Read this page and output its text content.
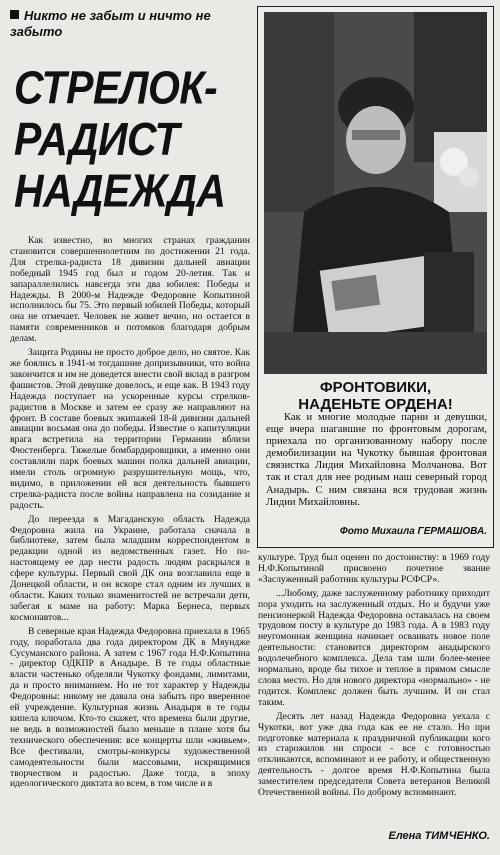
Никто не забыт и ничто не забыто
СТРЕЛОК-
РАДИСТ
НАДЕЖДА

Как известно, во многих странах гражданин становится совершеннолетним по достижении 21 года. Для стрелка-радиста 18 дивизии дальней авиации победный 1945 год был и годом 20-летия. Так и запараллелились навсегда эти два юбилея: Победы и Надежды. В 2000-м Надежде Федоровне Копытиной исполнилось бы 75. Это первый юбилей Победы, который она не отмечает. Человек не живет вечно, но остается в памяти современников и потомков благодаря добрым делам.

Защита Родины не просто доброе дело, но святое. Как же боялись в 1941-м тогдашние допризывники, что война закончится и им не доведется внести свой вклад в разгром фашистов. Этой девушке довелось, и еще как. В 1943 году Надежда поступает на ускоренные курсы стрелков-радистов в Москве и затем ее сразу же направляют на фронт. В составе боевых экипажей 18-й дивизии дальней авиации восьмая она до победы. Известие о капитуляции врага встретила на территории Германии вблизи Фюстенберга. Тяжелые бомбардировщики, а именно они составляли парк боевых машин полка дальней авиации, имели столь огромную разрушительную мощь, что, видимо, в приложении ей вся деятельность бывшего стрелка-радиста после войны направлена на созидание и радость.

До переезда в Магаданскую область Надежда Федоровна жила на Украине, работала сначала в библиотеке, затем была младшим корреспондентом в редакции одной из ведомственных газет. Но по-настоящему ее дар нести радость людям раскрылся в сфере культуры. Первый свой ДК она возглавила еще в Донецкой области, и он вскоре стал одним из лучших в области. Каких только знаменитостей не встречали дети, забегая к маме на работу: Марка Бернеса, первых космонавтов...

В северные края Надежда Федоровна приехала в 1965 году, поработала два года директором ДК в Мяундже Сусуманского района. А затем с 1967 года Н.Ф.Копытина - директор ОДКПР в Анадыре. В те годы областные власти частенько обделяли Чукотку фондами, лимитами, да и просто вниманием. Но не тот характер у Надежды Федоровны: никому не давала она забыть про вверенное ей учреждение. Культурная жизнь Анадыря в те годы кипела ключом. Кто-то скажет, что времена были другие, не ведь в возможностей было меньше в плане хотя бы технического обеспечения: все концерты шли «живьем». Все фестивали, смотры-конкурсы художественной самодеятельности были массовыми, искрящимися творчеством и радостью. Даже тогда, в эпоху идеологического диктата во всем, в том числе и в

ФРОНТОВИКИ,
НАДЕНЬТЕ ОРДЕНА!
Как и многие молодые парни и девушки, еще вчера шагавшие по фронтовым дорогам, приехала по организованному набору после демобилизации на Чукотку бывшая фронтовая связистка Лидия Михайловна Молчанова. Вот так и стал для нее родным наш северный город Анадырь. С ним связана вся трудовая жизнь Лидии Михайловны.
Фото Михаила ГЕРМАШОВА.

культуре. Труд был оценен по достоинству: в 1969 году Н.Ф.Копытиной присвоено почетное звание «Заслуженный работник культуры РСФСР».

...Любому, даже заслуженному работнику приходит пора уходить на заслуженный отдых. Но и будучи уже пенсионеркой Надежда Федоровна оставалась на своем трудовом посту в культуре до 1983 года. А в 1983 году неугомонная женщина начинает осваивать новое поле деятельности: становится директором анадырского водолечебного комплекса. Дела там шли более-менее нормально, вроде бы тихое и теплое в прямом смысле слова место. Но для нового директора «нормально» - не годится. Комплекс должен быть лучшим. И он стал таким.

Десять лет назад Надежда Федоровна уехала с Чукотки, вот уже два года как ее не стало. Но при подготовке материала к праздничной публикации кого из старожилов ни спроси - все с готовностью откликаются, вспоминают и ее работу, и общественную деятельность - долгое время Н.Ф.Копытина была заместителем председателя Совета ветеранов Великой Отечественной войны. По доброму вспоминают.

Елена ТИМЧЕНКО.
